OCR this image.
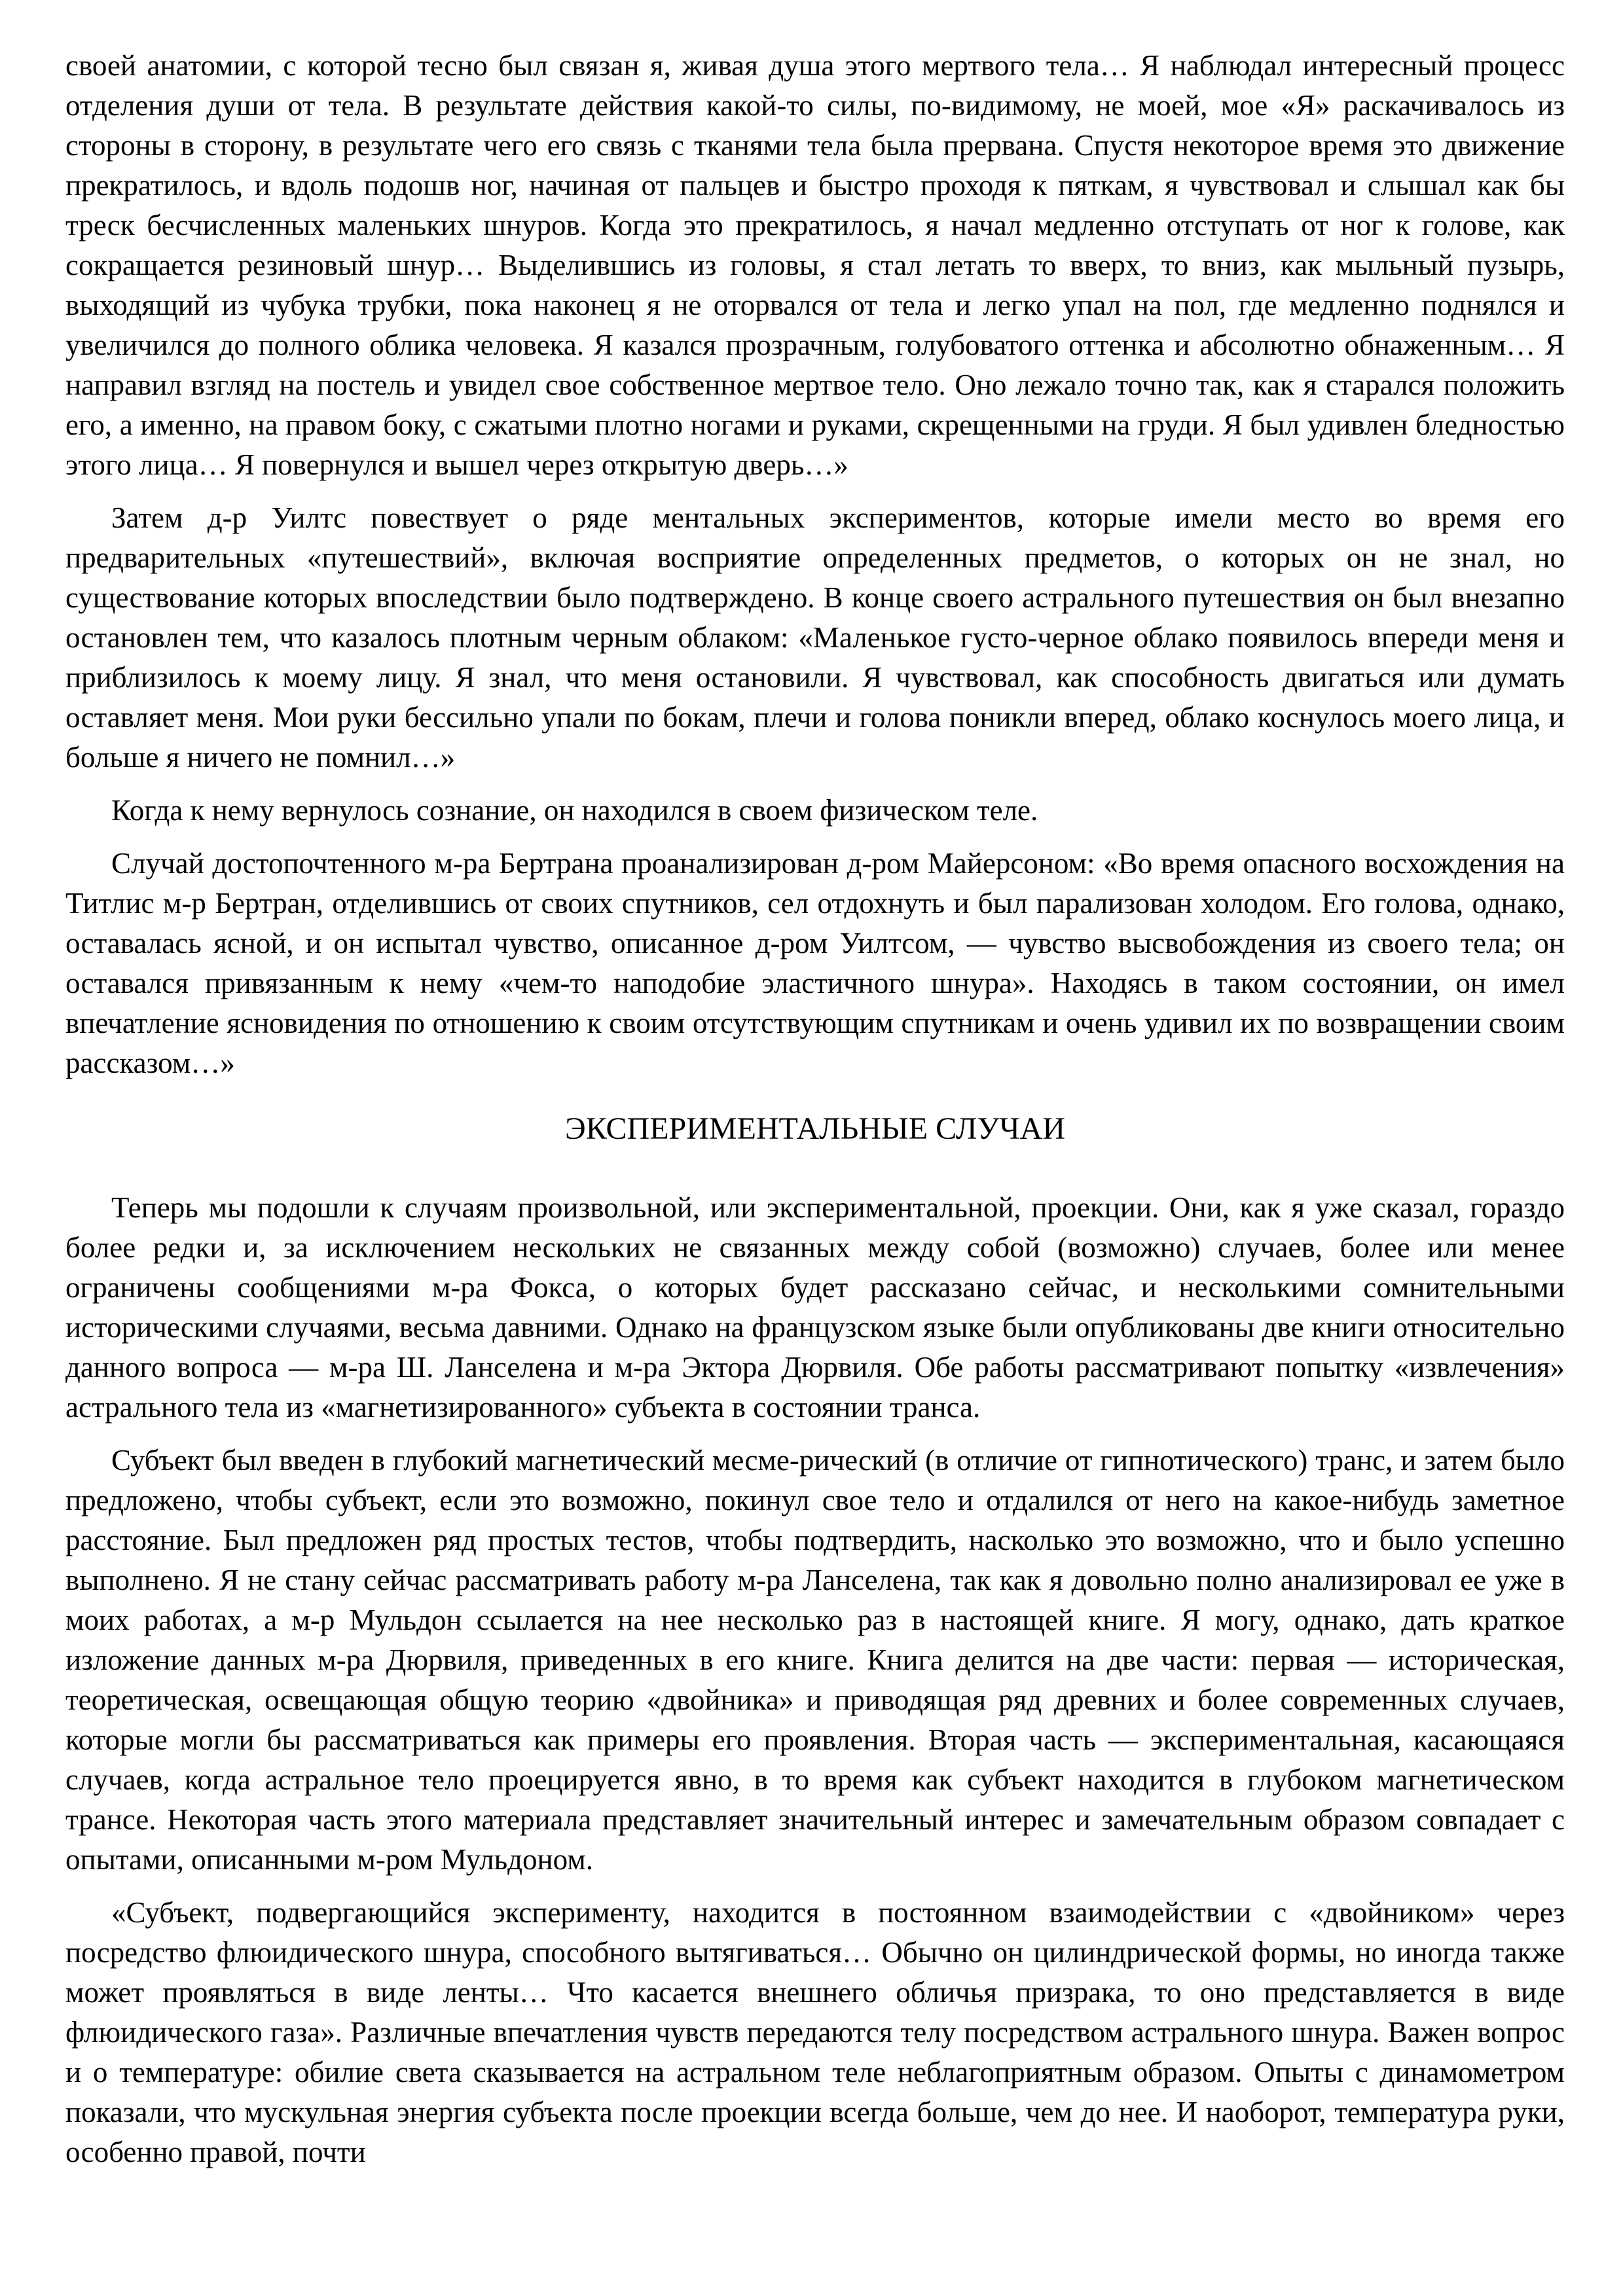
своей анатомии, с которой тесно был связан я, живая душа этого мертвого тела… Я наблюдал интересный процесс отделения души от тела. В результате действия какой-то силы, по-видимому, не моей, мое «Я» раскачивалось из стороны в сторону, в результате чего его связь с тканями тела была прервана. Спустя некоторое время это движение прекратилось, и вдоль подошв ног, начиная от пальцев и быстро проходя к пяткам, я чувствовал и слышал как бы треск бесчисленных маленьких шнуров. Когда это прекратилось, я начал медленно отступать от ног к голове, как сокращается резиновый шнур… Выделившись из головы, я стал летать то вверх, то вниз, как мыльный пузырь, выходящий из чубука трубки, пока наконец я не оторвался от тела и легко упал на пол, где медленно поднялся и увеличился до полного облика человека. Я казался прозрачным, голубоватого оттенка и абсолютно обнаженным… Я направил взгляд на постель и увидел свое собственное мертвое тело. Оно лежало точно так, как я старался положить его, а именно, на правом боку, с сжатыми плотно ногами и руками, скрещенными на груди. Я был удивлен бледностью этого лица… Я повернулся и вышел через открытую дверь…»

Затем д-р Уилтс повествует о ряде ментальных экспериментов, которые имели место во время его предварительных «путешествий», включая восприятие определенных предметов, о которых он не знал, но существование которых впоследствии было подтверждено. В конце своего астрального путешествия он был внезапно остановлен тем, что казалось плотным черным облаком: «Маленькое густо-черное облако появилось впереди меня и приблизилось к моему лицу. Я знал, что меня остановили. Я чувствовал, как способность двигаться или думать оставляет меня. Мои руки бессильно упали по бокам, плечи и голова поникли вперед, облако коснулось моего лица, и больше я ничего не помнил…»

Когда к нему вернулось сознание, он находился в своем физическом теле.

Случай достопочтенного м-ра Бертрана проанализирован д-ром Майерсоном: «Во время опасного восхождения на Титлис м-р Бертран, отделившись от своих спутников, сел отдохнуть и был парализован холодом. Его голова, однако, оставалась ясной, и он испытал чувство, описанное д-ром Уилтсом, — чувство высвобождения из своего тела; он оставался привязанным к нему «чем-то наподобие эластичного шнура». Находясь в таком состоянии, он имел впечатление ясновидения по отношению к своим отсутствующим спутникам и очень удивил их по возвращении своим рассказом…»

ЭКСПЕРИМЕНТАЛЬНЫЕ СЛУЧАИ

Теперь мы подошли к случаям произвольной, или экспериментальной, проекции. Они, как я уже сказал, гораздо более редки и, за исключением нескольких не связанных между собой (возможно) случаев, более или менее ограничены сообщениями м-ра Фокса, о которых будет рассказано сейчас, и несколькими сомнительными историческими случаями, весьма давними. Однако на французском языке были опубликованы две книги относительно данного вопроса — м-ра Ш. Ланселена и м-ра Эктора Дюрвиля. Обе работы рассматривают попытку «извлечения» астрального тела из «магнетизированного» субъекта в состоянии транса.

Субъект был введен в глубокий магнетический месме-рический (в отличие от гипнотического) транс, и затем было предложено, чтобы субъект, если это возможно, покинул свое тело и отдалился от него на какое-нибудь заметное расстояние. Был предложен ряд простых тестов, чтобы подтвердить, насколько это возможно, что и было успешно выполнено. Я не стану сейчас рассматривать работу м-ра Ланселена, так как я довольно полно анализировал ее уже в моих работах, а м-р Мульдон ссылается на нее несколько раз в настоящей книге. Я могу, однако, дать краткое изложение данных м-ра Дюрвиля, приведенных в его книге. Книга делится на две части: первая — историческая, теоретическая, освещающая общую теорию «двойника» и приводящая ряд древних и более современных случаев, которые могли бы рассматриваться как примеры его проявления. Вторая часть — экспериментальная, касающаяся случаев, когда астральное тело проецируется явно, в то время как субъект находится в глубоком магнетическом трансе. Некоторая часть этого материала представляет значительный интерес и замечательным образом совпадает с опытами, описанными м-ром Мульдоном.

«Субъект, подвергающийся эксперименту, находится в постоянном взаимодействии с «двойником» через посредство флюидического шнура, способного вытягиваться… Обычно он цилиндрической формы, но иногда также может проявляться в виде ленты… Что касается внешнего обличья призрака, то оно представляется в виде флюидического газа». Различные впечатления чувств передаются телу посредством астрального шнура. Важен вопрос и о температуре: обилие света сказывается на астральном теле неблагоприятным образом. Опыты с динамометром показали, что мускульная энергия субъекта после проекции всегда больше, чем до нее. И наоборот, температура руки, особенно правой, почти
